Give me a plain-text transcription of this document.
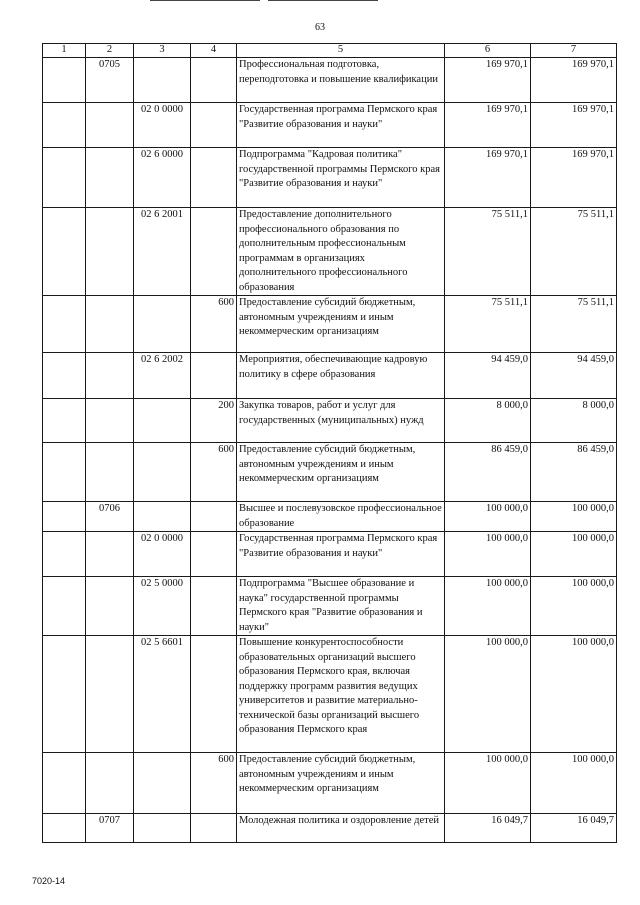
63
1	2	3	4	5	6	7
	0705			Профессиональная подготовка, переподготовка и повышение квалификации	169 970,1	169 970,1
		02 0 0000		Государственная программа Пермского края "Развитие образования и науки"	169 970,1	169 970,1
		02 6 0000		Подпрограмма "Кадровая политика" государственной программы Пермского края "Развитие образования и науки"	169 970,1	169 970,1
		02 6 2001		Предоставление дополнительного профессионального образования по дополнительным профессиональным программам в организациях дополнительного профессионального образования	75 511,1	75 511,1
			600	Предоставление субсидий бюджетным, автономным учреждениям и иным некоммерческим организациям	75 511,1	75 511,1
		02 6 2002		Мероприятия, обеспечивающие кадровую политику в сфере образования	94 459,0	94 459,0
			200	Закупка товаров, работ и услуг для государственных (муниципальных) нужд	8 000,0	8 000,0
			600	Предоставление субсидий бюджетным, автономным учреждениям и иным некоммерческим организациям	86 459,0	86 459,0
	0706			Высшее и послевузовское профессиональное образование	100 000,0	100 000,0
		02 0 0000		Государственная программа Пермского края "Развитие образования и науки"	100 000,0	100 000,0
		02 5 0000		Подпрограмма "Высшее образование и наука" государственной программы Пермского края "Развитие образования и науки"	100 000,0	100 000,0
		02 5 6601		Повышение конкурентоспособности образовательных организаций высшего образования Пермского края, включая поддержку программ развития ведущих университетов и развитие материально-технической базы организаций высшего образования Пермского края	100 000,0	100 000,0
			600	Предоставление субсидий бюджетным, автономным учреждениям и иным некоммерческим организациям	100 000,0	100 000,0
	0707			Молодежная политика и оздоровление детей	16 049,7	16 049,7
7020-14
